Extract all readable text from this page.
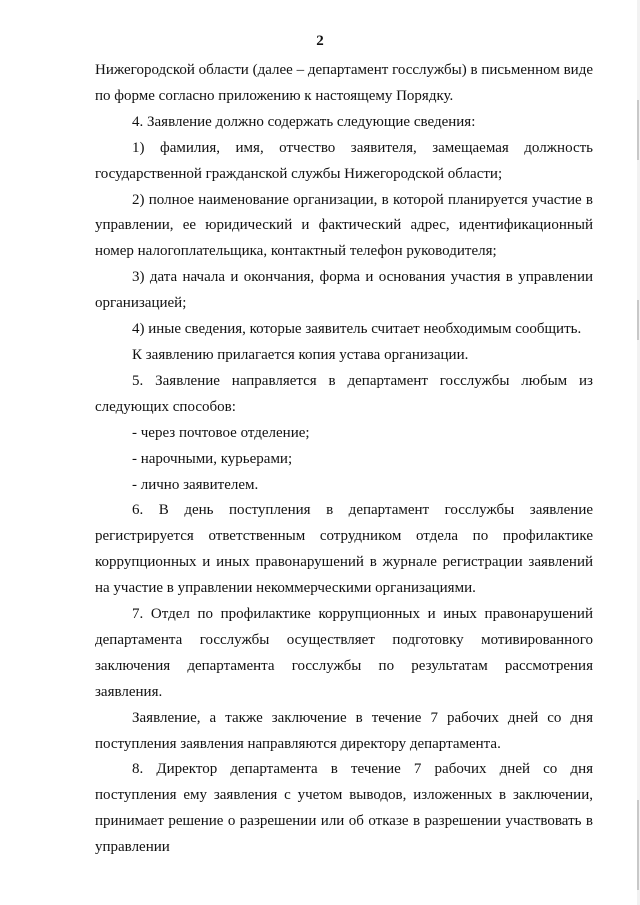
2

Нижегородской области (далее – департамент госслужбы) в письменном виде по форме согласно приложению к настоящему Порядку.

4. Заявление должно содержать следующие сведения:

1) фамилия, имя, отчество заявителя, замещаемая должность государственной гражданской службы Нижегородской области;

2) полное наименование организации, в которой планируется участие в управлении, ее юридический и фактический адрес, идентификационный номер налогоплательщика, контактный телефон руководителя;

3) дата начала и окончания, форма и основания участия в управлении организацией;

4) иные сведения, которые заявитель считает необходимым сообщить.

К заявлению прилагается копия устава организации.

5. Заявление направляется в департамент госслужбы любым из следующих способов:

- через почтовое отделение;

- нарочными, курьерами;

- лично заявителем.

6. В день поступления в департамент госслужбы заявление регистрируется ответственным сотрудником отдела по профилактике коррупционных и иных правонарушений в журнале регистрации заявлений на участие в управлении некоммерческими организациями.

7. Отдел по профилактике коррупционных и иных правонарушений департамента госслужбы осуществляет подготовку мотивированного заключения департамента госслужбы по результатам рассмотрения заявления.

Заявление, а также заключение в течение 7 рабочих дней со дня поступления заявления направляются директору департамента.

8. Директор департамента в течение 7 рабочих дней со дня поступления ему заявления с учетом выводов, изложенных в заключении, принимает решение о разрешении или об отказе в разрешении участвовать в управлении
